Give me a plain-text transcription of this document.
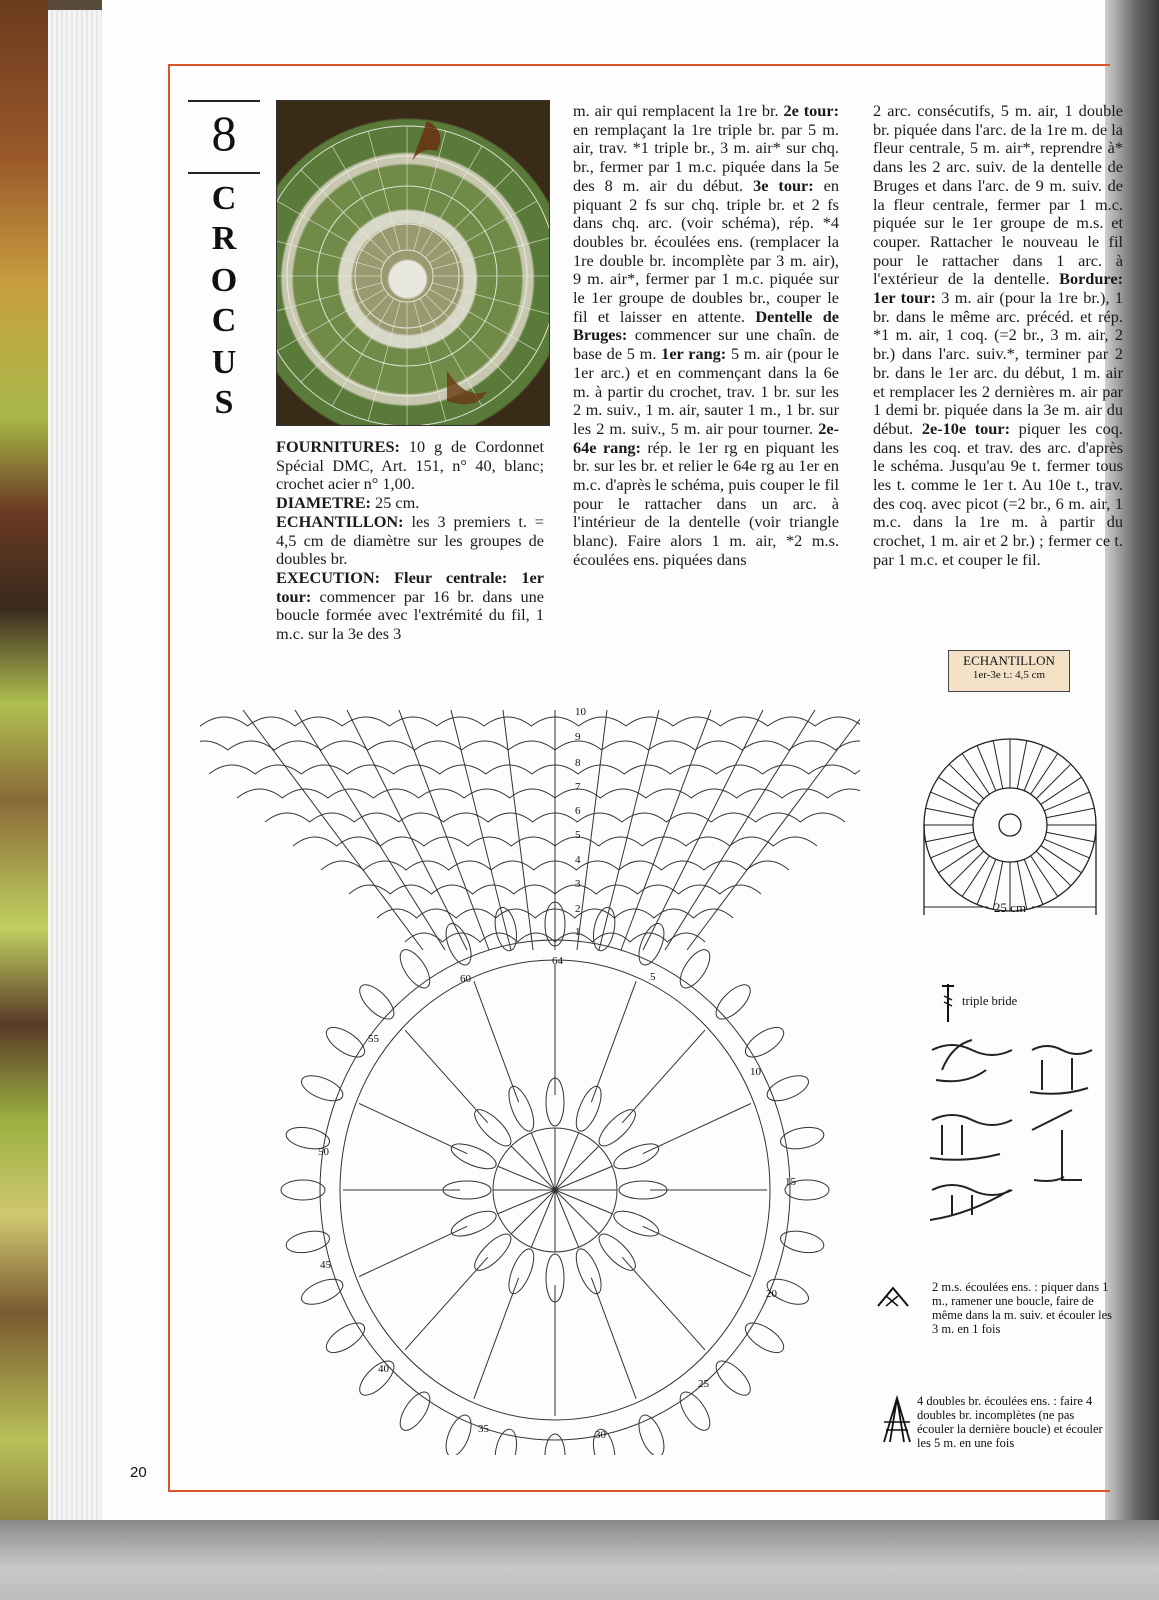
8
C
R
O
C
U
S

FOURNITURES: 10 g de Cordonnet Spécial DMC, Art. 151, n° 40, blanc; crochet acier n° 1,00.

DIAMETRE: 25 cm.

ECHANTILLON: les 3 premiers t. = 4,5 cm de diamètre sur les groupes de doubles br.

EXECUTION: Fleur centrale: 1er tour: commencer par 16 br. dans une boucle formée avec l'extrémité du fil, 1 m.c. sur la 3e des 3

m. air qui remplacent la 1re br. 2e tour: en remplaçant la 1re triple br. par 5 m. air, trav. *1 triple br., 3 m. air* sur chq. br., fermer par 1 m.c. piquée dans la 5e des 8 m. air du début. 3e tour: en piquant 2 fs sur chq. triple br. et 2 fs dans chq. arc. (voir schéma), rép. *4 doubles br. écoulées ens. (remplacer la 1re double br. incomplète par 3 m. air), 9 m. air*, fermer par 1 m.c. piquée sur le 1er groupe de doubles br., couper le fil et laisser en attente. Dentelle de Bruges: commencer sur une chaîn. de base de 5 m. 1er rang: 5 m. air (pour le 1er arc.) et en commençant dans la 6e m. à partir du crochet, trav. 1 br. sur les 2 m. suiv., 1 m. air, sauter 1 m., 1 br. sur les 2 m. suiv., 5 m. air pour tourner. 2e-64e rang: rép. le 1er rg en piquant les br. sur les br. et relier le 64e rg au 1er en m.c. d'après le schéma, puis couper le fil pour le rattacher dans un arc. à l'intérieur de la dentelle (voir triangle blanc). Faire alors 1 m. air, *2 m.s. écoulées ens. piquées dans

2 arc. consécutifs, 5 m. air, 1 double br. piquée dans l'arc. de la 1re m. de la fleur centrale, 5 m. air*, reprendre à* dans les 2 arc. suiv. de la dentelle de Bruges et dans l'arc. de 9 m. suiv. de la fleur centrale, fermer par 1 m.c. piquée sur le 1er groupe de m.s. et couper. Rattacher le nouveau le fil pour le rattacher dans 1 arc. à l'extérieur de la dentelle. Bordure: 1er tour: 3 m. air (pour la 1re br.), 1 br. dans le même arc. précéd. et rép. *1 m. air, 1 coq. (=2 br., 3 m. air, 2 br.) dans l'arc. suiv.*, terminer par 2 br. dans le 1er arc. du début, 1 m. air et remplacer les 2 dernières m. air par 1 demi br. piquée dans la 3e m. air du début. 2e-10e tour: piquer les coq. dans les coq. et trav. des arc. d'après le schéma. Jusqu'au 9e t. fermer tous les t. comme le 1er t. Au 10e t., trav. des coq. avec picot (=2 br., 6 m. air, 1 m.c. dans la 1re m. à partir du crochet, 1 m. air et 2 br.) ; fermer ce t. par 1 m.c. et couper le fil.

ECHANTILLON
1er-3e t.: 4,5 cm
25 cm
10
9
8
7
6
5
4
3
2
1
64
60
55
50
45
40
35	30
25
20
15
10
5
triple bride
2 m.s. écoulées ens. : piquer dans 1 m., ramener une boucle, faire de même dans la m. suiv. et écouler les 3 m. en 1 fois
4 doubles br. écoulées ens. : faire 4 doubles br. incomplètes (ne pas écouler la dernière boucle) et écouler les 5 m. en une fois
20
